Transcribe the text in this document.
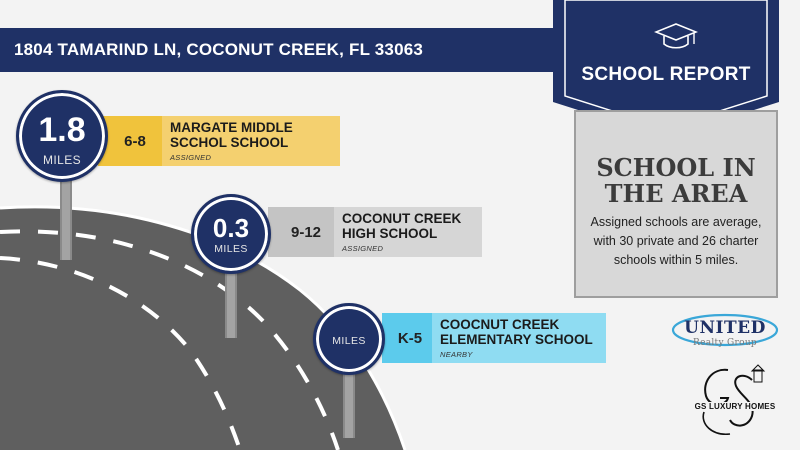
1804 TAMARIND LN, COCONUT CREEK, FL 33063
SCHOOL REPORT
SCHOOL IN
THE AREA
Assigned schools are average, with 30 private and 26 charter schools within 5 miles.
6-8
MARGATE MIDDLE
SCCHOL SCHOOL
ASSIGNED
1.8
MILES
9-12
COCONUT CREEK
HIGH SCHOOL
ASSIGNED
0.3
MILES
K-5
COOCNUT CREEK
ELEMENTARY SCHOOL
NEARBY
MILES
UNITED
Realty Group
GS LUXURY HOMES
